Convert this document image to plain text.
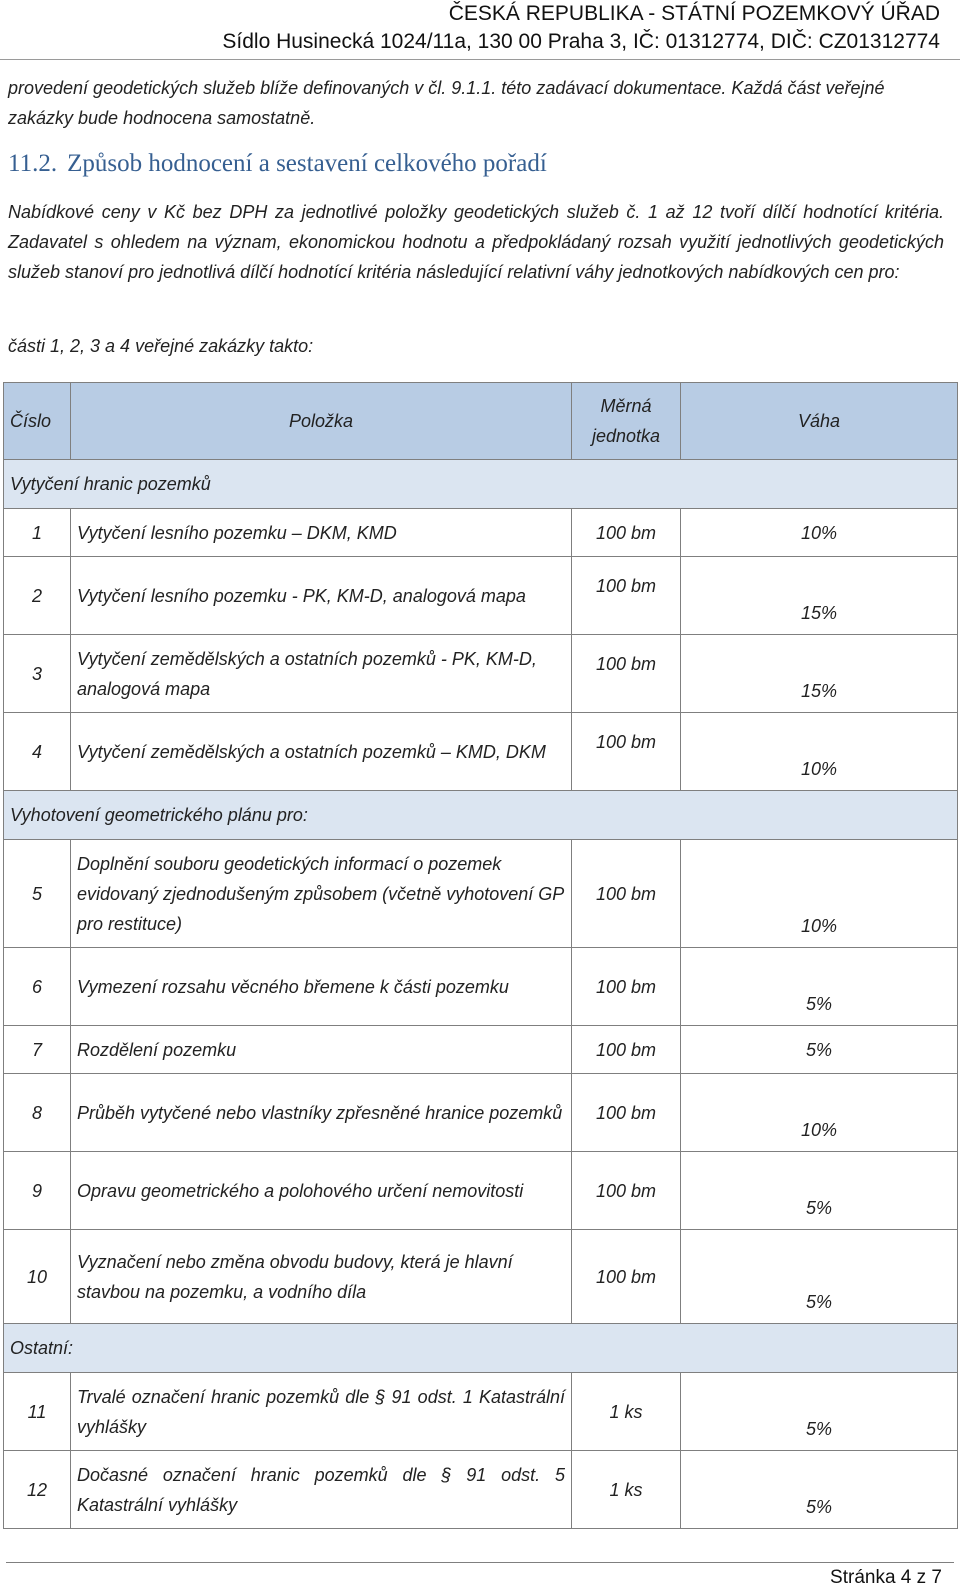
ČESKÁ REPUBLIKA - STÁTNÍ POZEMKOVÝ ÚŘAD
Sídlo Husinecká 1024/11a, 130 00 Praha 3, IČ: 01312774, DIČ: CZ01312774
provedení geodetických služeb blíže definovaných v čl. 9.1.1. této zadávací dokumentace. Každá část veřejné zakázky bude hodnocena samostatně.
11.2. Způsob hodnocení a sestavení celkového pořadí
Nabídkové ceny v Kč bez DPH za jednotlivé položky geodetických služeb č. 1 až 12 tvoří dílčí hodnotící kritéria. Zadavatel s ohledem na význam, ekonomickou hodnotu a předpokládaný rozsah využití jednotlivých geodetických služeb stanoví pro jednotlivá dílčí hodnotící kritéria následující relativní váhy jednotkových nabídkových cen pro:
části 1, 2, 3 a 4 veřejné zakázky takto:
Číslo	Položka	Měrná jednotka	Váha
Vytyčení hranic pozemků			
1	Vytyčení lesního pozemku – DKM, KMD	100 bm	10%
2	Vytyčení lesního pozemku - PK, KM-D, analogová mapa	100 bm	15%
3	Vytyčení zemědělských a ostatních pozemků - PK, KM-D, analogová mapa	100 bm	15%
4	Vytyčení zemědělských a ostatních pozemků – KMD, DKM	100 bm	10%
Vyhotovení geometrického plánu pro:			
5	Doplnění souboru geodetických informací o pozemek evidovaný zjednodušeným způsobem (včetně vyhotovení GP pro restituce)	100 bm	10%
6	Vymezení rozsahu věcného břemene k části pozemku	100 bm	5%
7	Rozdělení pozemku	100 bm	5%
8	Průběh vytyčené nebo vlastníky zpřesněné hranice pozemků	100 bm	10%
9	Opravu geometrického a polohového určení nemovitosti	100 bm	5%
10	Vyznačení nebo změna obvodu budovy, která je hlavní stavbou na pozemku, a vodního díla	100 bm	5%
Ostatní:			
11	Trvalé označení hranic pozemků dle § 91 odst. 1 Katastrální vyhlášky	1 ks	5%
12	Dočasné označení hranic pozemků dle § 91 odst. 5 Katastrální vyhlášky	1 ks	5%
Stránka 4 z 7
